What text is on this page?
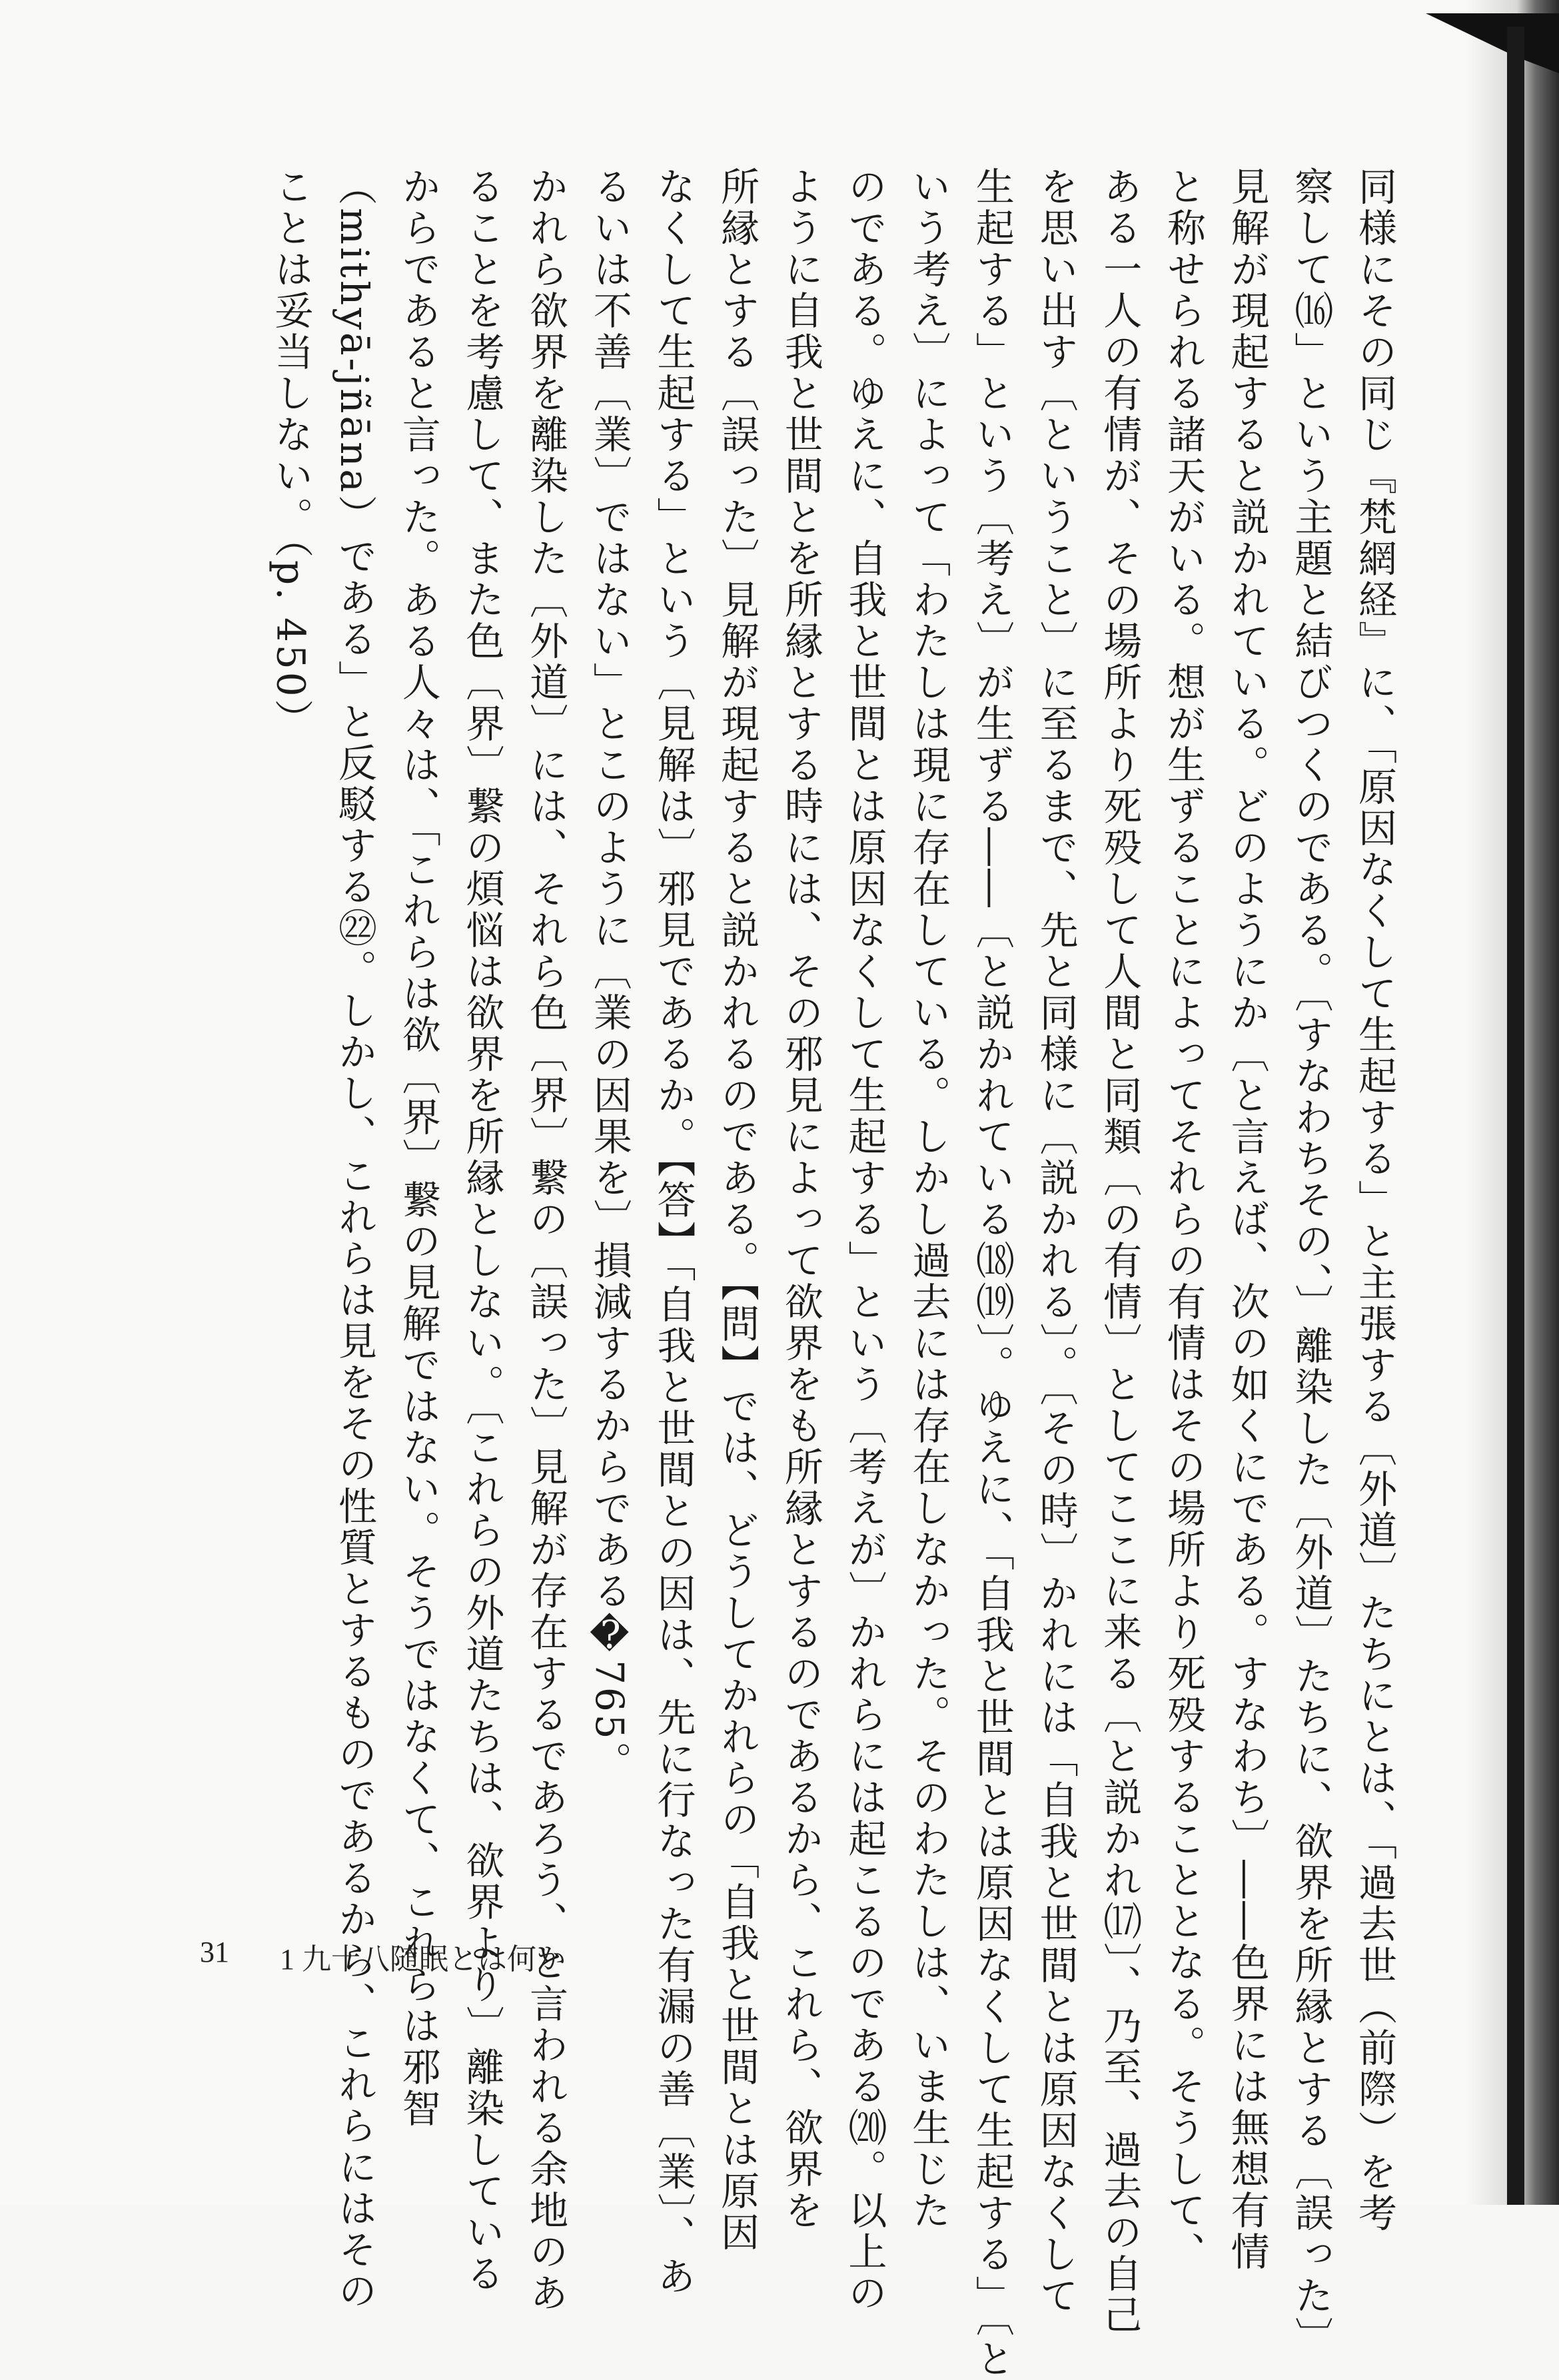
同様にその同じ『梵網経』に、「原因なくして生起する」と主張する〔外道〕たちにとは、「過去世（前際）を考
察して⒃」という主題と結びつくのである。〔すなわちその、〕離染した〔外道〕たちに、欲界を所縁とする〔誤った〕
見解が現起すると説かれている。どのようにか〔と言えば、次の如くにである。すなわち〕――色界には無想有情
と称せられる諸天がいる。想が生ずることによってそれらの有情はその場所より死殁することとなる。そうして、
ある一人の有情が、その場所より死殁して人間と同類〔の有情〕としてここに来る〔と説かれ⒄〕、乃至、過去の自己
を思い出す〔ということ〕に至るまで、先と同様に〔説かれる〕。〔その時〕かれには「自我と世間とは原因なくして
生起する」という〔考え〕が生ずる――〔と説かれている⒅⒆〕。ゆえに、「自我と世間とは原因なくして生起する」〔と
いう考え〕によって「わたしは現に存在している。しかし過去には存在しなかった。そのわたしは、いま生じた
のである。ゆえに、自我と世間とは原因なくして生起する」という〔考えが〕かれらには起こるのである⒇。以上の
ように自我と世間とを所縁とする時には、その邪見によって欲界をも所縁とするのであるから、これら、欲界を
所縁とする〔誤った〕見解が現起すると説かれるのである。【問】では、どうしてかれらの「自我と世間とは原因
なくして生起する」という〔見解は〕邪見であるか。【答】「自我と世間との因は、先に行なった有漏の善〔業〕、あ
るいは不善〔業〕ではない」とこのように〔業の因果を〕損減するからである�765。
かれら欲界を離染した〔外道〕には、それら色〔界〕繋の〔誤った〕見解が存在するであろう、と言われる余地のあ
ることを考慮して、また色〔界〕繋の煩悩は欲界を所縁としない。〔これらの外道たちは、欲界より〕離染している
からであると言った。ある人々は、「これらは欲〔界〕繋の見解ではない。そうではなくて、これらは邪智
（mithyā-jñāna）である」と反駁する㉒。しかし、これらは見をその性質とするものであるから、これらにはその
ことは妥当しない。（p. 450）
31 1 九十八随眠とは何か
